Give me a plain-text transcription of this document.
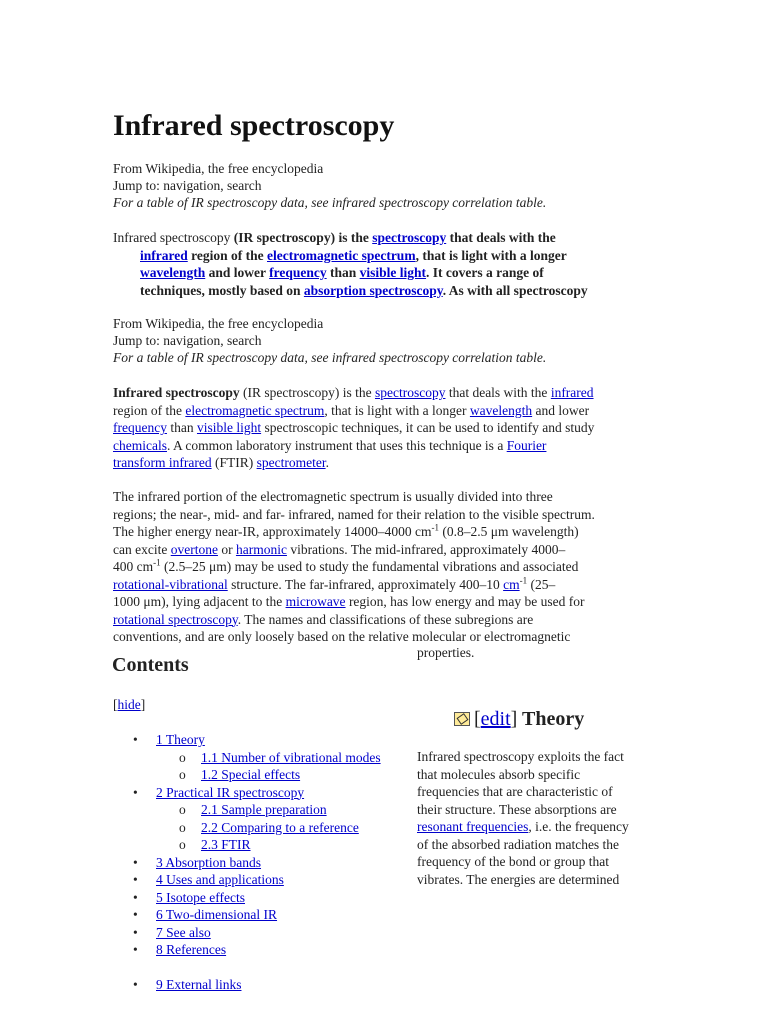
Infrared spectroscopy
From Wikipedia, the free encyclopedia
Jump to: navigation, search
For a table of IR spectroscopy data, see infrared spectroscopy correlation table.
Infrared spectroscopy (IR spectroscopy) is the spectroscopy that deals with the
infrared region of the electromagnetic spectrum, that is light with a longer
wavelength and lower frequency than visible light. It covers a range of
techniques, mostly based on absorption spectroscopy. As with all spectroscopy
From Wikipedia, the free encyclopedia
Jump to: navigation, search
For a table of IR spectroscopy data, see infrared spectroscopy correlation table.
Infrared spectroscopy (IR spectroscopy) is the spectroscopy that deals with the infrared
region of the electromagnetic spectrum, that is light with a longer wavelength and lower
frequency than visible light spectroscopic techniques, it can be used to identify and study
chemicals. A common laboratory instrument that uses this technique is a Fourier
transform infrared (FTIR) spectrometer.
The infrared portion of the electromagnetic spectrum is usually divided into three
regions; the near-, mid- and far- infrared, named for their relation to the visible spectrum.
The higher energy near-IR, approximately 14000–4000 $cm^{-1}$ (0.8–2.5 μm wavelength)
can excite overtone or harmonic vibrations. The mid-infrared, approximately 4000–
400 $cm^{-1}$ (2.5–25 μm) may be used to study the fundamental vibrations and associated
rotational-vibrational structure. The far-infrared, approximately 400–10 $cm^{-1}$ (25–
1000 μm), lying adjacent to the microwave region, has low energy and may be used for
rotational spectroscopy. The names and classifications of these subregions are
conventions, and are only loosely based on the relative molecular or electromagnetic
properties.
Contents
[hide]
• 1 Theory
o 1.1 Number of vibrational modes
o 1.2 Special effects
• 2 Practical IR spectroscopy
o 2.1 Sample preparation
o 2.2 Comparing to a reference
o 2.3 FTIR
• 3 Absorption bands
• 4 Uses and applications
• 5 Isotope effects
• 6 Two-dimensional IR
• 7 See also
• 8 References
• 9 External links
[edit] Theory
Infrared spectroscopy exploits the fact
that molecules absorb specific
frequencies that are characteristic of
their structure. These absorptions are
resonant frequencies, i.e. the frequency
of the absorbed radiation matches the
frequency of the bond or group that
vibrates. The energies are determined
